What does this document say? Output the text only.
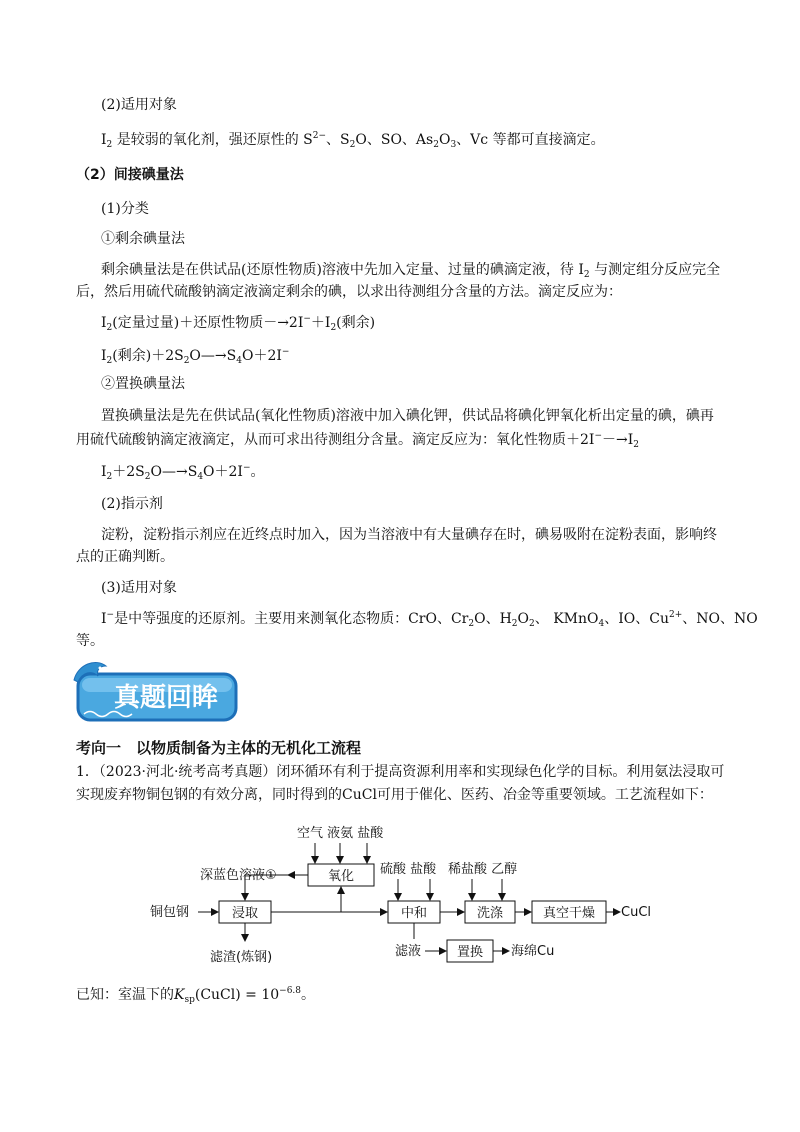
(2)适用对象
$I_2$ 是较弱的氧化剂，强还原性的 $S^{2-}$、$S_2O$、SO、$As_2O_3$、Vc 等都可直接滴定。
（2）间接碘量法
(1)分类
①剩余碘量法
剩余碘量法是在供试品(还原性物质)溶液中先加入定量、过量的碘滴定液，待 $I_2$ 与测定组分反应完全
后，然后用硫代硫酸钠滴定液滴定剩余的碘，以求出待测组分含量的方法。滴定反应为：
$I_2$(定量过量)＋还原性物质$-\to 2I^-+I_2$(剩余)
$I_2$(剩余)$+2S_2O—\to S_4O+2I^-$
②置换碘量法
置换碘量法是先在供试品(氧化性物质)溶液中加入碘化钾，供试品将碘化钾氧化析出定量的碘，碘再
用硫代硫酸钠滴定液滴定，从而可求出待测组分含量。滴定反应为：氧化性物质$+2I^--\to I_2$
$I_2+2S_2O—\to S_4O+2I^-$。
(2)指示剂
淀粉，淀粉指示剂应在近终点时加入，因为当溶液中有大量碘存在时，碘易吸附在淀粉表面，影响终
点的正确判断。
(3)适用对象
I−是中等强度的还原剂。主要用来测氧化态物质：CrO、$Cr_2O$、$H_2O_2$、 KMnO$_4$、IO、$Cu^{2+}$、NO、NO
等。
真题回眸
考向一　以物质制备为主体的无机化工流程
1．（2023·河北·统考高考真题）闭环循环有利于提高资源利用率和实现绿色化学的目标。利用氨法浸取可
实现废弃物铜包钢的有效分离，同时得到的CuCl可用于催化、医药、冶金等重要领域。工艺流程如下：
空气 液氨 盐酸
氧化
深蓝色溶液①
铜包钢	浸取
滤渣(炼钢)
硫酸 盐酸
中和
稀盐酸 乙醇
洗涤	真空干燥 CuCl
滤液	置换 海绵Cu
已知：室温下的$K_{sp}(CuCl) = 10^{-6.8}$。
